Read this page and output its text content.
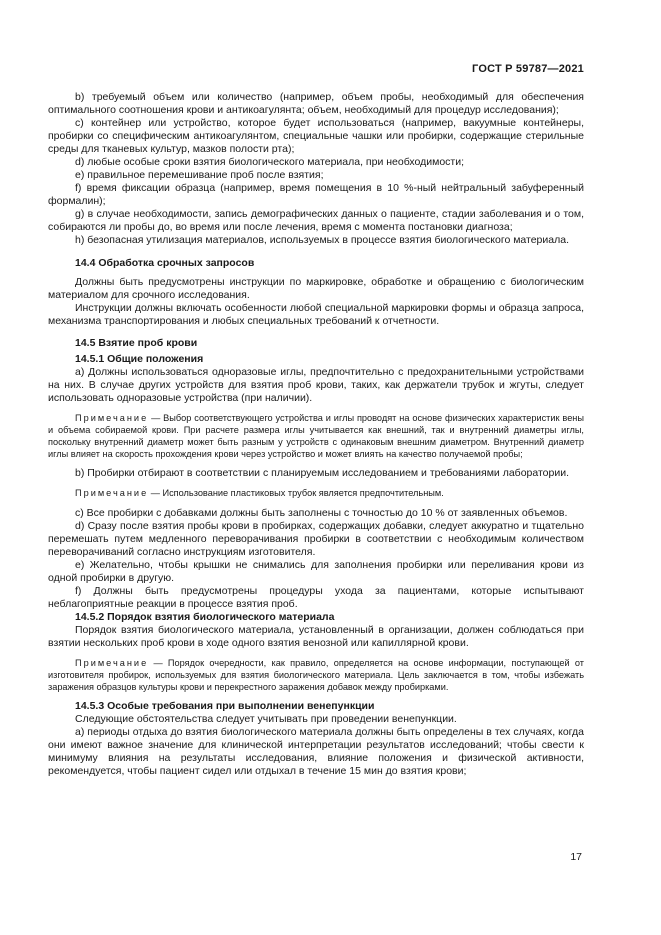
ГОСТ Р 59787—2021

b) требуемый объем или количество (например, объем пробы, необходимый для обеспечения оптимального соотношения крови и антикоагулянта; объем, необходимый для процедур исследования);

c) контейнер или устройство, которое будет использоваться (например, вакуумные контейнеры, пробирки со специфическим антикоагулянтом, специальные чашки или пробирки, содержащие стерильные среды для тканевых культур, мазков полости рта);

d) любые особые сроки взятия биологического материала, при необходимости;

e) правильное перемешивание проб после взятия;

f) время фиксации образца (например, время помещения в 10 %-ный нейтральный забуференный формалин);

g) в случае необходимости, запись демографических данных о пациенте, стадии заболевания и о том, собираются ли пробы до, во время или после лечения, время с момента постановки диагноза;

h) безопасная утилизация материалов, используемых в процессе взятия биологического материала.

14.4 Обработка срочных запросов

Должны быть предусмотрены инструкции по маркировке, обработке и обращению с биологическим материалом для срочного исследования.

Инструкции должны включать особенности любой специальной маркировки формы и образца запроса, механизма транспортирования и любых специальных требований к отчетности.

14.5 Взятие проб крови
14.5.1 Общие положения

a) Должны использоваться одноразовые иглы, предпочтительно с предохранительными устройствами на них. В случае других устройств для взятия проб крови, таких, как держатели трубок и жгуты, следует использовать одноразовые устройства (при наличии).

Примечание — Выбор соответствующего устройства и иглы проводят на основе физических характеристик вены и объема собираемой крови. При расчете размера иглы учитывается как внешний, так и внутренний диаметры иглы, поскольку внутренний диаметр может быть разным у устройств с одинаковым внешним диаметром. Внутренний диаметр иглы влияет на скорость прохождения крови через устройство и может влиять на качество получаемой пробы;

b) Пробирки отбирают в соответствии с планируемым исследованием и требованиями лаборатории.

Примечание — Использование пластиковых трубок является предпочтительным.

c) Все пробирки с добавками должны быть заполнены с точностью до 10 % от заявленных объемов.

d) Сразу после взятия пробы крови в пробирках, содержащих добавки, следует аккуратно и тщательно перемешать путем медленного переворачивания пробирки в соответствии с необходимым количеством переворачиваний согласно инструкциям изготовителя.

e) Желательно, чтобы крышки не снимались для заполнения пробирки или переливания крови из одной пробирки в другую.

f) Должны быть предусмотрены процедуры ухода за пациентами, которые испытывают неблагоприятные реакции в процессе взятия проб.

14.5.2 Порядок взятия биологического материала

Порядок взятия биологического материала, установленный в организации, должен соблюдаться при взятии нескольких проб крови в ходе одного взятия венозной или капиллярной крови.

Примечание — Порядок очередности, как правило, определяется на основе информации, поступающей от изготовителя пробирок, используемых для взятия биологического материала. Цель заключается в том, чтобы избежать заражения образцов культуры крови и перекрестного заражения добавок между пробирками.

14.5.3 Особые требования при выполнении венепункции

Следующие обстоятельства следует учитывать при проведении венепункции.

a) периоды отдыха до взятия биологического материала должны быть определены в тех случаях, когда они имеют важное значение для клинической интерпретации результатов исследований; чтобы свести к минимуму влияния на результаты исследования, влияние положения и физической активности, рекомендуется, чтобы пациент сидел или отдыхал в течение 15 мин до взятия крови;

17
